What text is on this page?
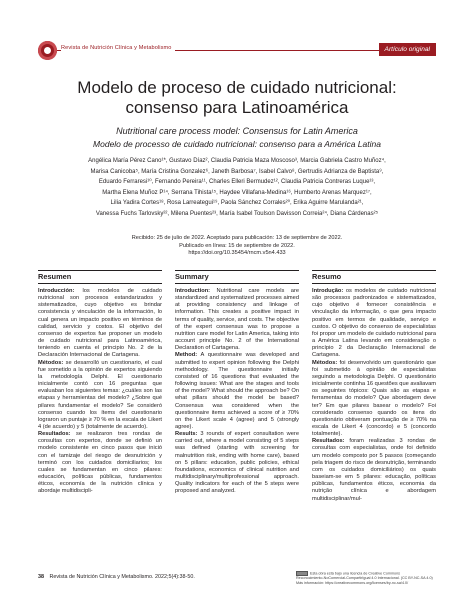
Revista de Nutrición Clínica y Metabolismo	Artículo original
Modelo de proceso de cuidado nutricional:
consenso para Latinoamérica
Nutritional care process model: Consensus for Latin America
Modelo de processo de cuidado nutricional: consenso para a América Latina
Angélica María Pérez Cano¹*, Gustavo Díaz², Claudia Patricia Maza Moscoso³, Marcia Gabriela Castro Muñoz⁴,
Marisa Canicoba⁵, María Cristina Gonzalez⁶, Janeth Barbosa⁷, Isabel Calvo⁸, Gertrudis Adrianza de Baptista⁹,
Eduardo Ferraresi¹⁰, Fernando Pereira¹¹, Charles Elleri Bermudez¹², Claudia Patricia Contreras Luque¹³,
Martha Elena Muñoz P¹⁴, Serrana Tihista¹⁵, Haydee Villafana-Medina¹⁶, Humberto Arenas Marquez¹⁷,
Lilia Yadira Cortes¹⁸, Rosa Larreategui¹⁹, Paola Sánchez Corrales²⁰, Erika Aguirre Marulanda²¹,
Vanessa Fuchs Tarlovsky²², Milena Puentes²³, María Isabel Toulson Davisson Correia²⁴, Diana Cárdenas²⁵
Recibido: 25 de julio de 2022. Aceptado para publicación: 13 de septiembre de 2022.
Publicado en línea: 15 de septiembre de 2022.
https://doi.org/10.35454/rncm.v5n4.433
Resumen

Introducción: los modelos de cuidado nutricional son procesos estandarizados y sistematizados, cuyo objetivo es brindar consistencia y vinculación de la información, lo cual genera un impacto positivo en términos de calidad, servicio y costos. El objetivo del consenso de expertos fue proponer un modelo de cuidado nutricional para Latinoamérica, teniendo en cuenta el principio No. 2 de la Declaración Internacional de Cartagena.

Métodos: se desarrolló un cuestionario, el cual fue sometido a la opinión de expertos siguiendo la metodología Delphi. El cuestionario inicialmente contó con 16 preguntas que evaluaban los siguientes temas: ¿cuáles son las etapas y herramientas del modelo? ¿Sobre qué pilares fundamentar el modelo? Se consideró consenso cuando los ítems del cuestionario lograron un puntaje ≥ 70 % en la escala de Likert 4 (de acuerdo) y 5 (totalmente de acuerdo).

Resultados: se realizaron tres rondas de consultas con expertos, donde se definió un modelo consistente en cinco pasos que inició con el tamizaje del riesgo de desnutrición y terminó con los cuidados domiciliarios; los cuales se fundamentan en cinco pilares: educación, políticas públicas, fundamentos éticos, economía de la nutrición clínica y abordaje multidiscipli-

Summary

Introduction: Nutritional care models are standardized and systematized processes aimed at providing consistency and linkage of information. This creates a positive impact in terms of quality, service, and costs. The objective of the expert consensus was to propose a nutrition care model for Latin America, taking into account principle No. 2 of the International Declaration of Cartagena.

Method: A questionnaire was developed and submitted to expert opinion following the Delphi methodology. The questionnaire initially consisted of 16 questions that evaluated the following issues: What are the stages and tools of the model? What should the approach be? On what pillars should the model be based? Consensus was considered when the questionnaire items achieved a score of ≥ 70% on the Likert scale 4 (agree) and 5 (strongly agree).

Results: 3 rounds of expert consultation were carried out, where a model consisting of 5 steps was defined (starting with screening for malnutrition risk, ending with home care), based on 5 pillars: education, public policies, ethical foundations, economics of clinical nutrition and multidisciplinary/multiprofessional approach. Quality indicators for each of the 5 steps were proposed and analyzed.

Resumo

Introdução: os modelos de cuidado nutricional são processos padronizados e sistematizados, cujo objetivo é fornecer consistência e vinculação da informação, o que gera impacto positivo em termos de qualidade, serviço e custos. O objetivo do consenso de especialistas foi propor um modelo de cuidado nutricional para a América Latina levando em consideração o princípio 2 da Declaração Internacional de Cartagena.

Métodos: foi desenvolvido um questionário que foi submetido à opinião de especialistas seguindo a metodologia Delphi. O questionário inicialmente continha 16 questões que avaliavam os seguintes tópicos: Quais são as etapas e ferramentas do modelo? Que abordagem deve ter? Em que pilares basear o modelo? Foi considerado consenso quando os itens do questionário obtiveram pontuação de ≥ 70% na escala de Likert 4 (concordo) e 5 (concordo totalmente).

Resultados: foram realizadas 3 rondas de consultas com especialistas, onde foi definido um modelo composto por 5 passos (começando pela triagem do risco de desnutrição, terminando com os cuidados domiciliários) os quais baseiam-se em 5 pilares: educação, políticas públicas, fundamentos éticos, economia da nutrição clínica e abordagem multidisciplinar/mul-

38 Revista de Nutrición Clínica y Metabolismo. 2022;5(4):38-50.
Esta obra está bajo una licencia de Creative Commons
Reconocimiento-NoComercial-CompartirIgual 4.0 Internacional. (CC BY-NC-SA 4.0)
Más información: https://creativecommons.org/licenses/by-nc-sa/4.0/
